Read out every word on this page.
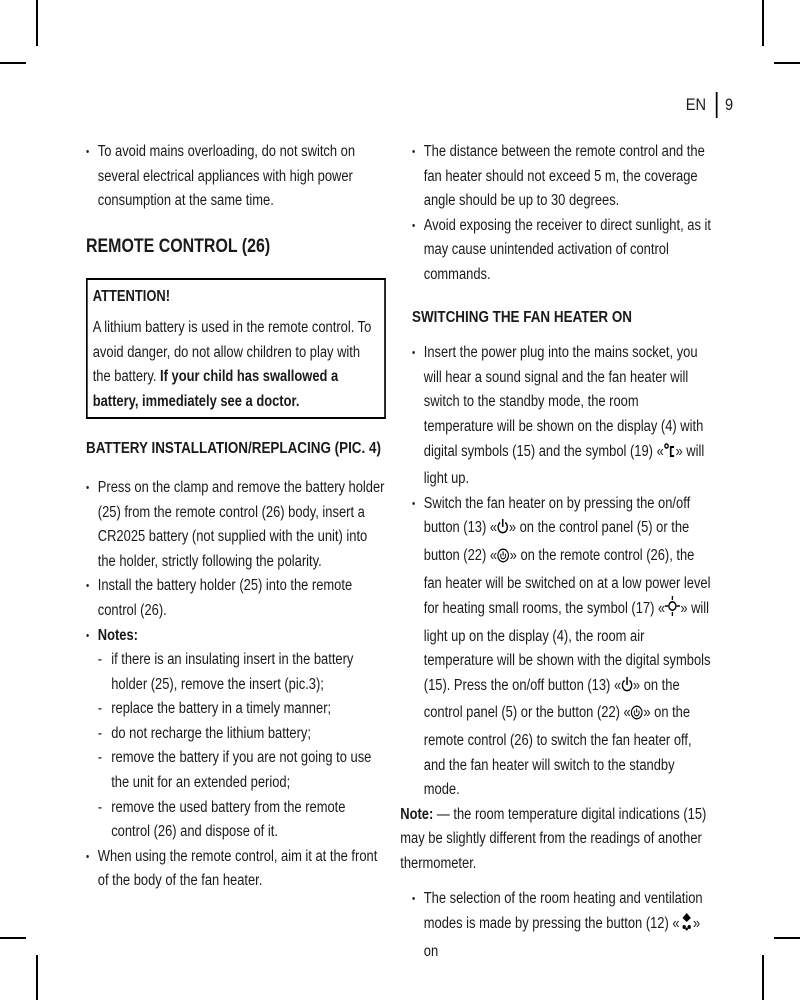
EN 9

• To avoid mains overloading, do not switch on several electrical appliances with high power consumption at the same time.

REMOTE CONTROL (26)

ATTENTION!

A lithium battery is used in the remote control. To avoid danger, do not allow children to play with the battery. If your child has swallowed a battery, immediately see a doctor.

BATTERY INSTALLATION/REPLACING (PIC. 4)

• Press on the clamp and remove the battery holder (25) from the remote control (26) body, insert a CR2025 battery (not supplied with the unit) into the holder, strictly following the polarity.

• Install the battery holder (25) into the remote control (26).

• Notes:

- if there is an insulating insert in the battery holder (25), remove the insert (pic.3);

- replace the battery in a timely manner;

- do not recharge the lithium battery;

- remove the battery if you are not going to use the unit for an extended period;

- remove the used battery from the remote control (26) and dispose of it.

• When using the remote control, aim it at the front of the body of the fan heater.

• The distance between the remote control and the fan heater should not exceed 5 m, the coverage angle should be up to 30 degrees.

• Avoid exposing the receiver to direct sunlight, as it may cause unintended activation of control commands.

SWITCHING THE FAN HEATER ON

• Insert the power plug into the mains socket, you will hear a sound signal and the fan heater will switch to the standby mode, the room temperature will be shown on the display (4) with digital symbols (15) and the symbol (19) « » will light up.

• Switch the fan heater on by pressing the on/off button (13) « » on the control panel (5) or the button (22) « » on the remote control (26), the fan heater will be switched on at a low power level for heating small rooms, the symbol (17) « » will light up on the display (4), the room air temperature will be shown with the digital symbols (15). Press the on/off button (13) « » on the control panel (5) or the button (22) « » on the remote control (26) to switch the fan heater off, and the fan heater will switch to the standby mode.

Note: — the room temperature digital indications (15) may be slightly different from the readings of another thermometer.

• The selection of the room heating and ventilation modes is made by pressing the button (12) « » on
